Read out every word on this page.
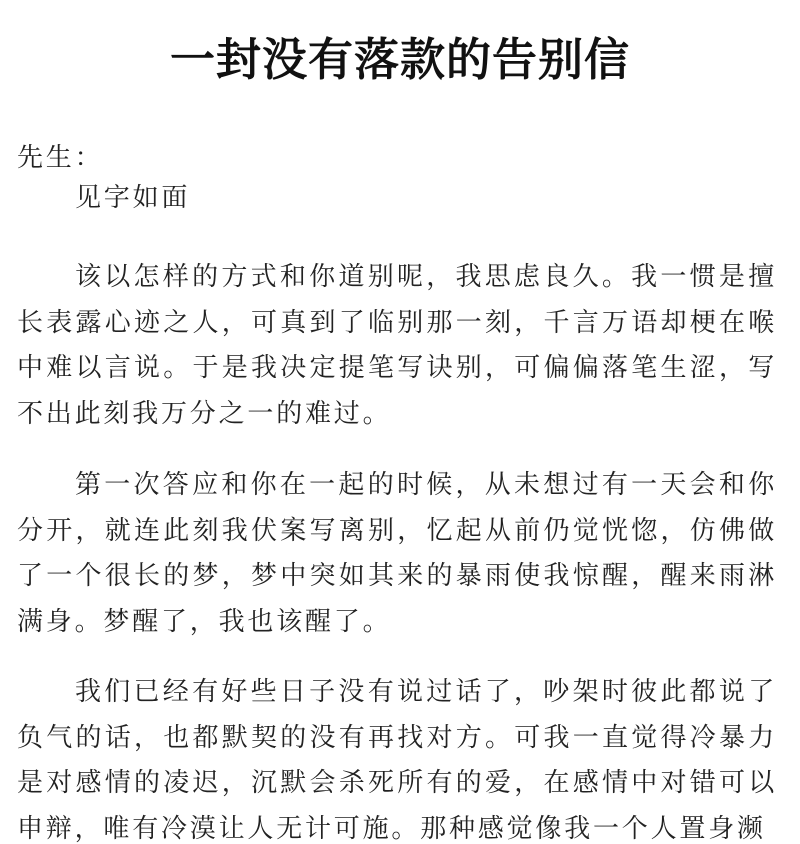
一封没有落款的告别信
先生：
见字如面

该以怎样的方式和你道别呢，我思虑良久。我一惯是擅长表露心迹之人，可真到了临别那一刻，千言万语却梗在喉中难以言说。于是我决定提笔写诀别，可偏偏落笔生涩，写不出此刻我万分之一的难过。

第一次答应和你在一起的时候，从未想过有一天会和你分开，就连此刻我伏案写离别，忆起从前仍觉恍惚，仿佛做了一个很长的梦，梦中突如其来的暴雨使我惊醒，醒来雨淋满身。梦醒了，我也该醒了。

我们已经有好些日子没有说过话了，吵架时彼此都说了负气的话，也都默契的没有再找对方。可我一直觉得冷暴力是对感情的凌迟，沉默会杀死所有的爱，在感情中对错可以申辩，唯有冷漠让人无计可施。那种感觉像我一个人置身濒
